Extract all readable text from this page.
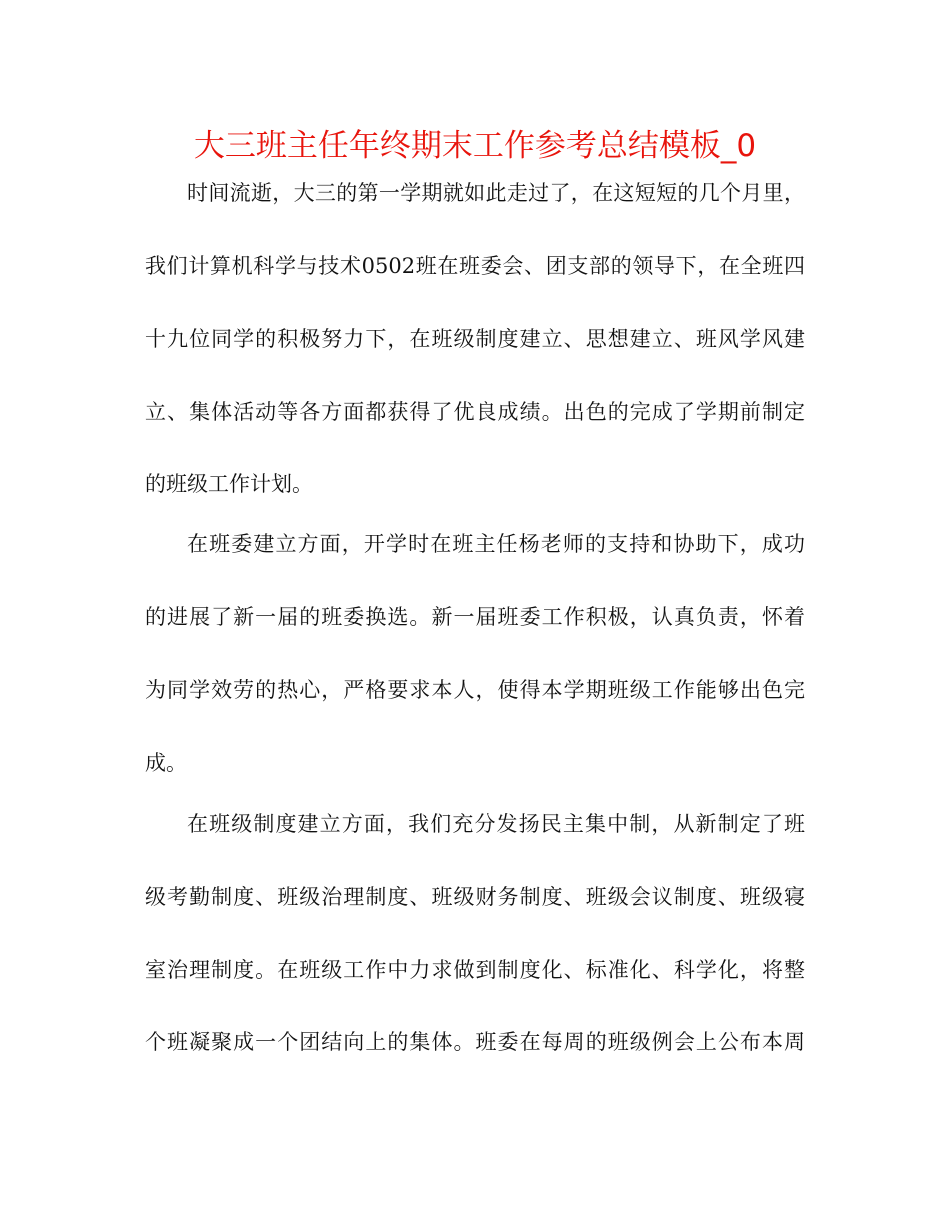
大三班主任年终期末工作参考总结模板_0

时间流逝，大三的第一学期就如此走过了，在这短短的几个月里，

我们计算机科学与技术0502班在班委会、团支部的领导下，在全班四

十九位同学的积极努力下，在班级制度建立、思想建立、班风学风建

立、集体活动等各方面都获得了优良成绩。出色的完成了学期前制定

的班级工作计划。

在班委建立方面，开学时在班主任杨老师的支持和协助下，成功

的进展了新一届的班委换选。新一届班委工作积极，认真负责，怀着

为同学效劳的热心，严格要求本人，使得本学期班级工作能够出色完

成。

在班级制度建立方面，我们充分发扬民主集中制，从新制定了班

级考勤制度、班级治理制度、班级财务制度、班级会议制度、班级寝

室治理制度。在班级工作中力求做到制度化、标准化、科学化，将整

个班凝聚成一个团结向上的集体。班委在每周的班级例会上公布本周
